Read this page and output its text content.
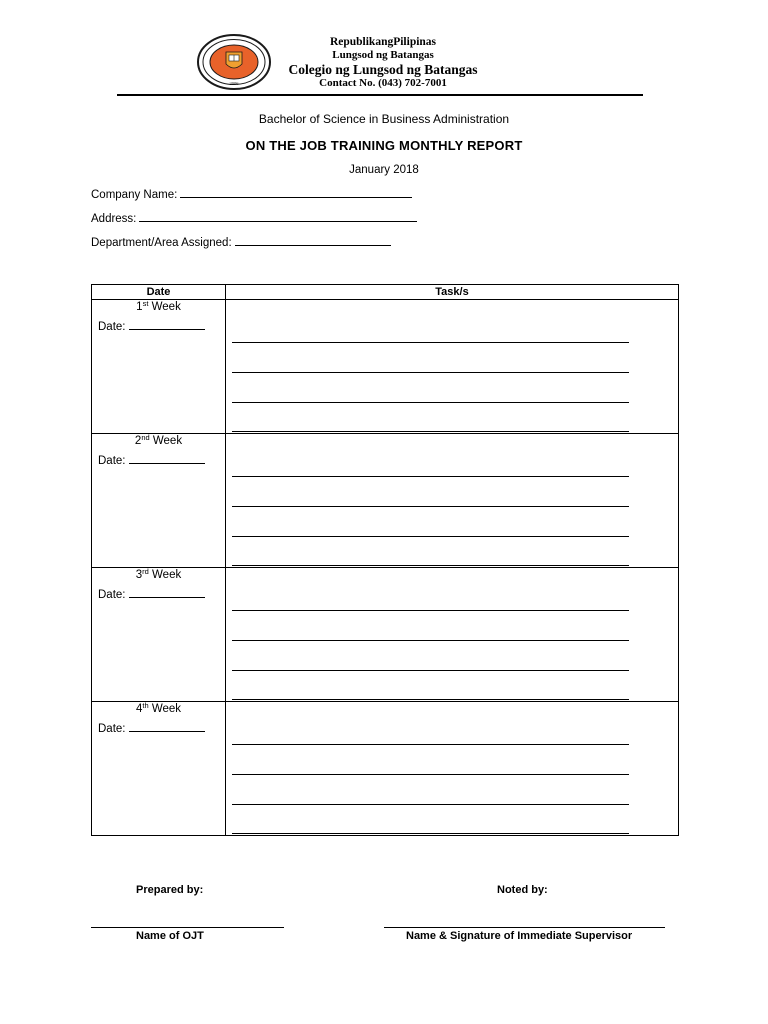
2006
RepublikangPilipinas
Lungsod ng Batangas
Colegio ng Lungsod ng Batangas
Contact No. (043) 702-7001
Bachelor of Science in Business Administration
ON THE JOB TRAINING MONTHLY REPORT
January 2018
Company Name:
Address:
Department/Area Assigned:
Date	Task/s

1st Week
Date:	

2nd Week
Date:	

3rd Week
Date:	

4th Week
Date:	

Prepared by:	Noted by:
Name of OJT	Name & Signature of Immediate Supervisor
